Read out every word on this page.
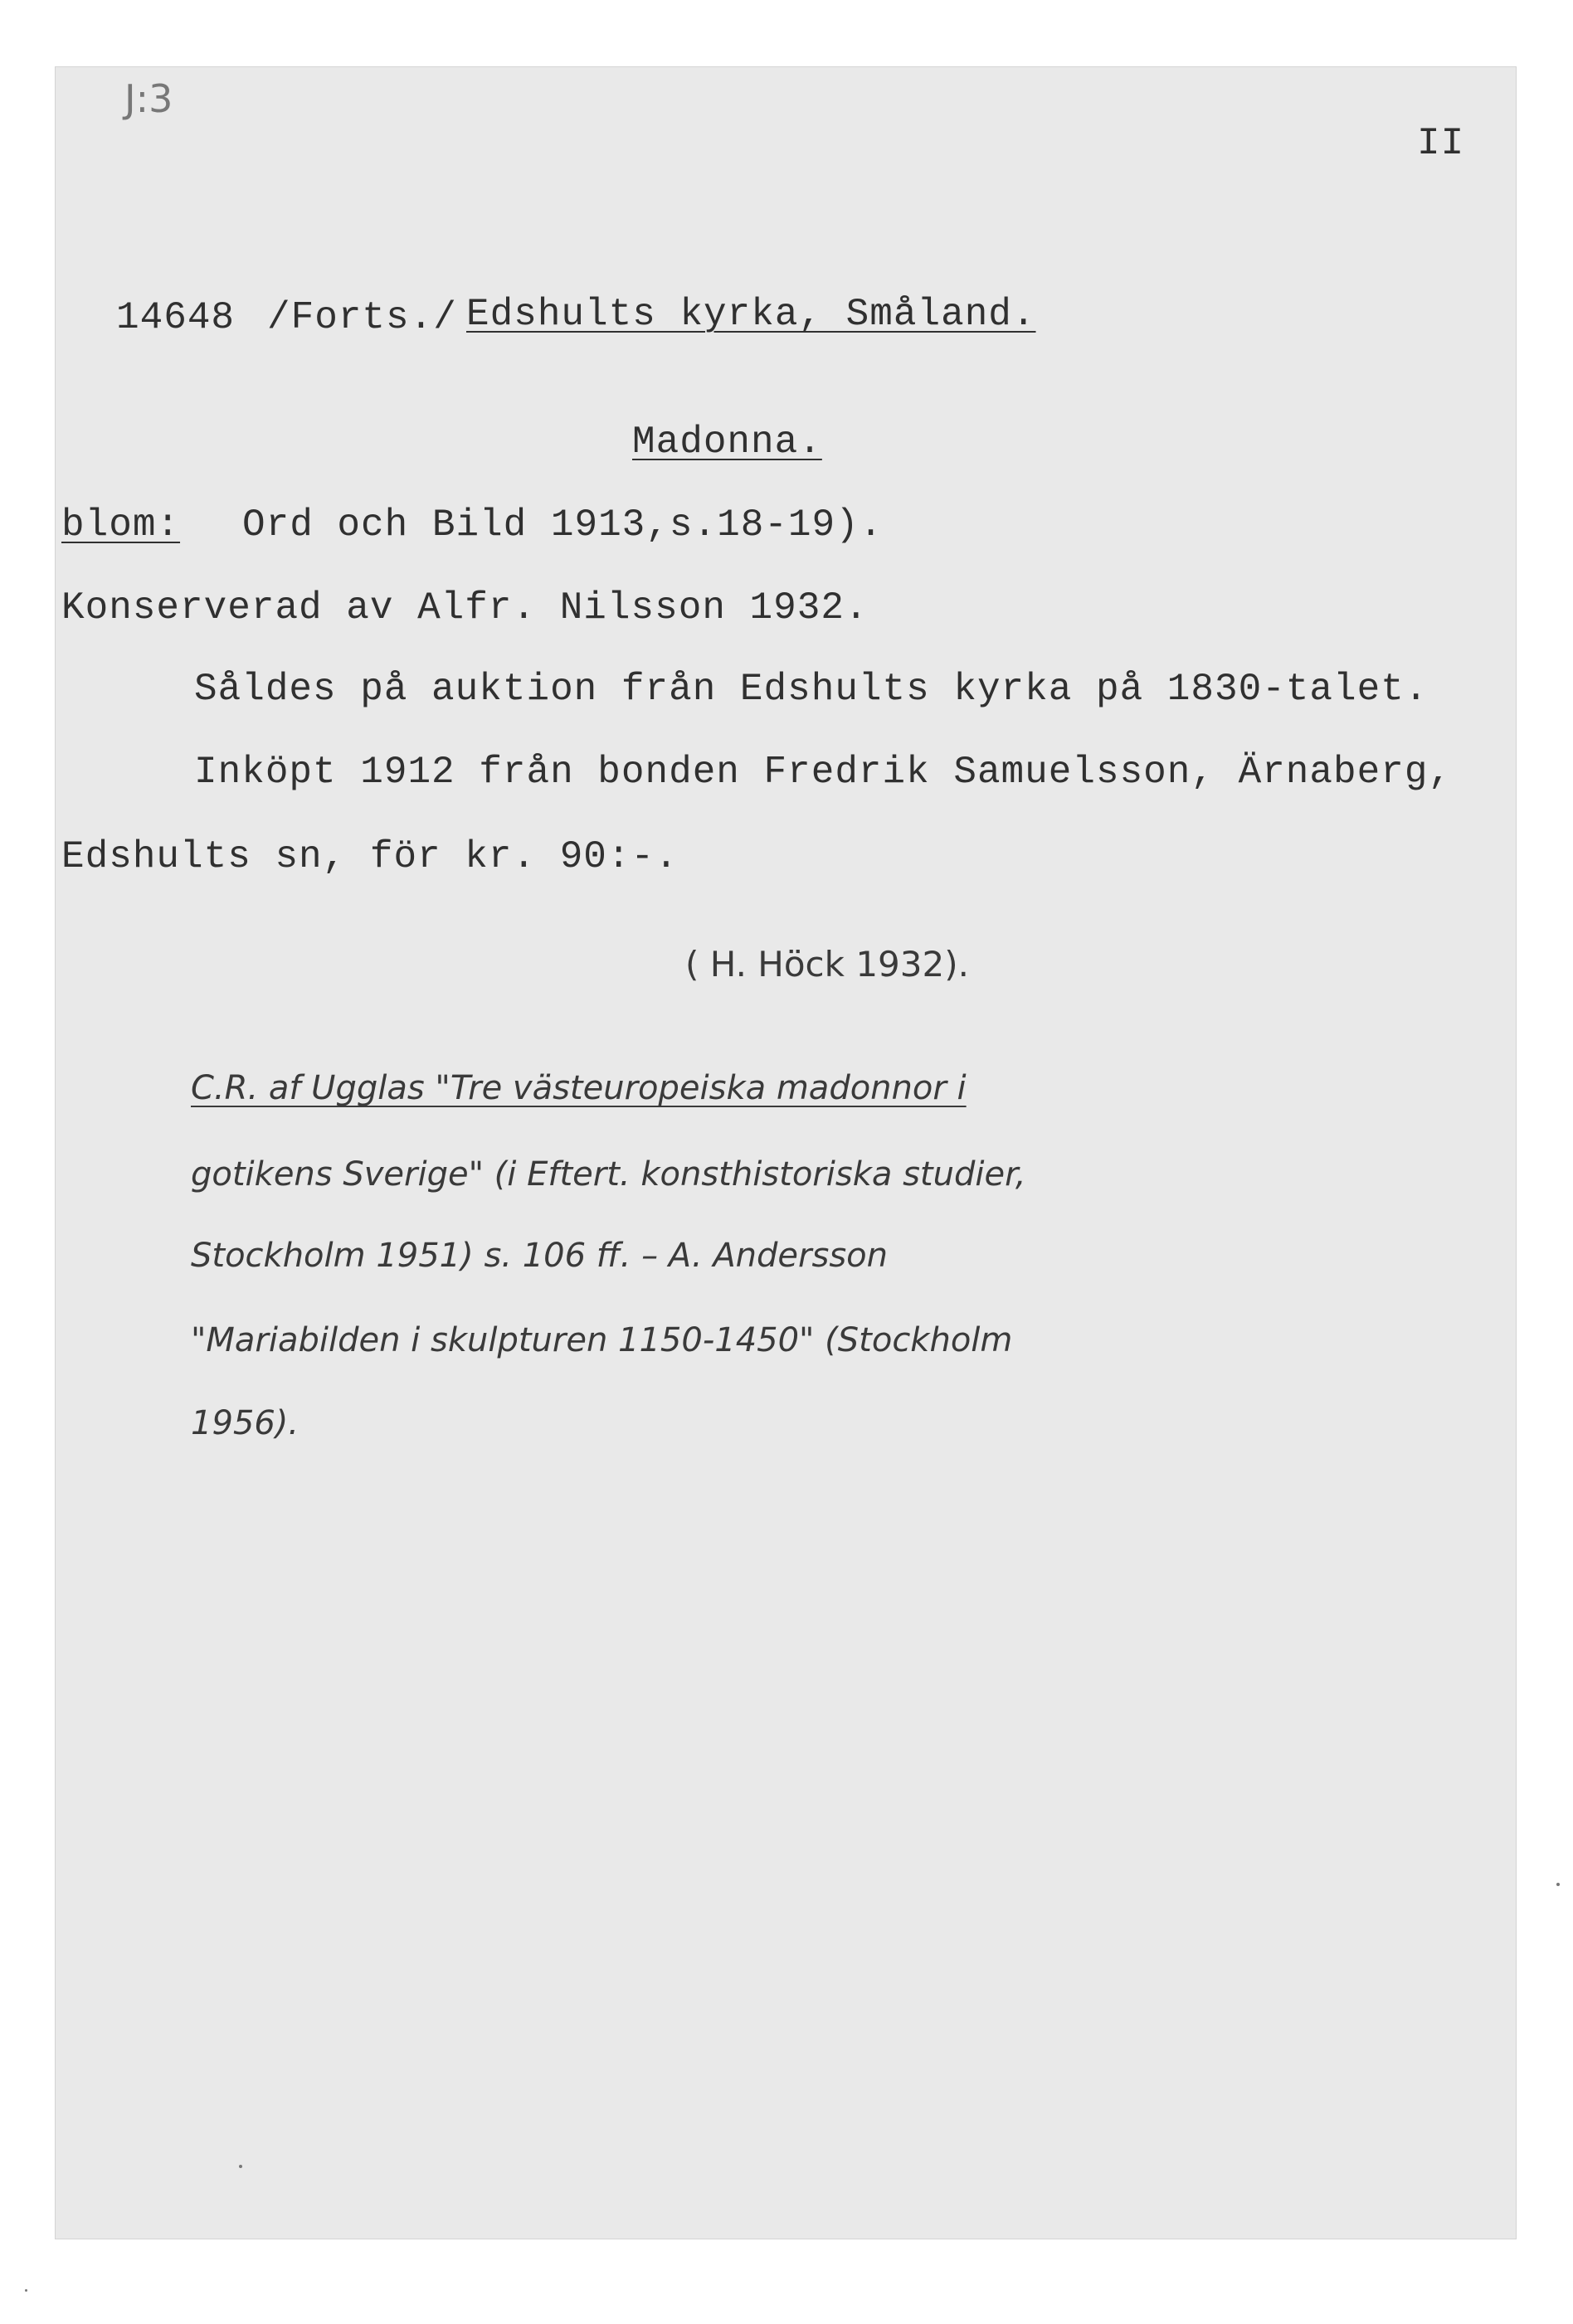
J:3
II
14648 /Forts./ Edshults kyrka, Småland.
Madonna.
blom: Ord och Bild 1913,s.18-19).
Konserverad av Alfr. Nilsson 1932.
Såldes på auktion från Edshults kyrka på 1830-talet.
Inköpt 1912 från bonden Fredrik Samuelsson, Ärnaberg,
Edshults sn, för kr. 90:-.
( H. Höck 1932).
C.R. af Ugglas "Tre västeuropeiska madonnor i
gotikens Sverige" (i Eftert. konsthistoriska studier,
Stockholm 1951) s. 106 ff. – A. Andersson
"Mariabilden i skulpturen 1150-1450" (Stockholm
1956).
